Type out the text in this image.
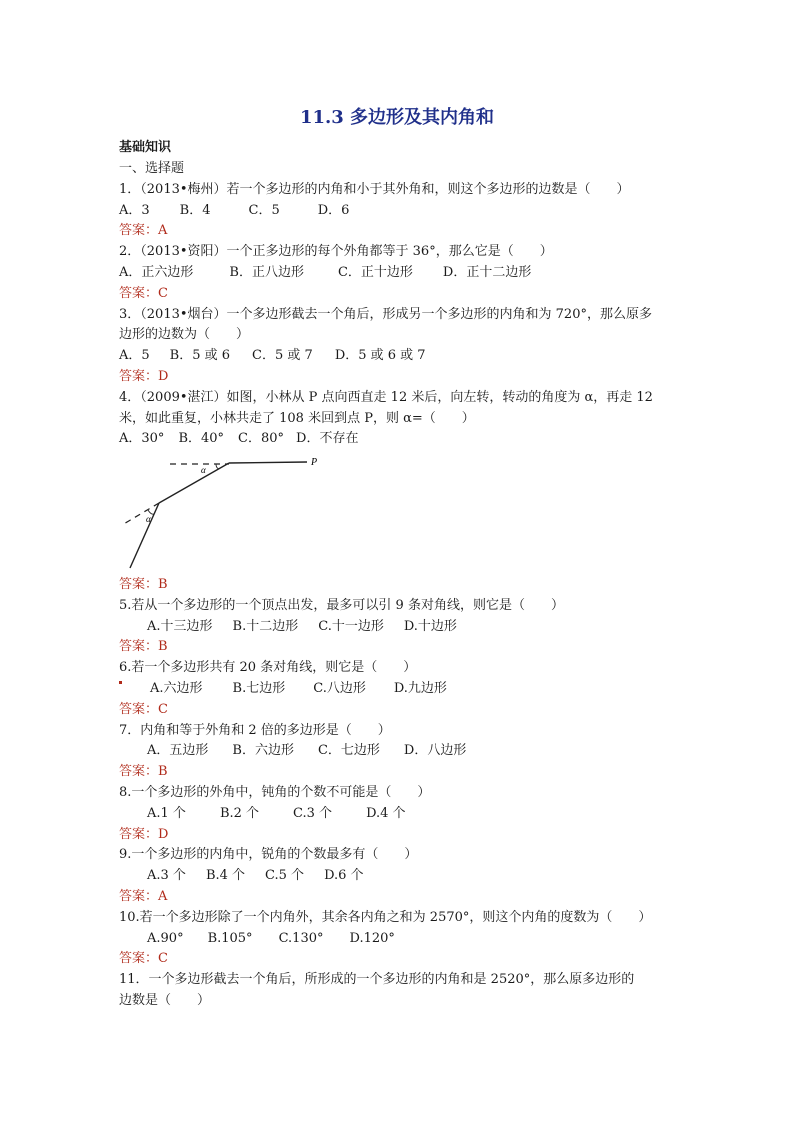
11.3 多边形及其内角和
基础知识
一、选择题
1．（2013•梅州）若一个多边形的内角和小于其外角和，则这个多边形的边数是（　　）
A．3 B．4	C．5	D．6
答案：A
2．（2013•资阳）一个正多边形的每个外角都等于 36°，那么它是（　　）
A．正六边形	B．正八边形	C．正十边形 D．正十二边形
答案：C
3．（2013•烟台）一个多边形截去一个角后，形成另一个多边形的内角和为 720°，那么原多
边形的边数为（　　）
A．5 B．5 或 6 C．5 或 7 D．5 或 6 或 7
答案：D
4．（2009•湛江）如图，小林从 P 点向西直走 12 米后，向左转，转动的角度为 α，再走 12
米，如此重复，小林共走了 108 米回到点 P，则 α=（　　）
A．30° B．40° C．80° D．不存在
P
α
α
答案：B
5.若从一个多边形的一个顶点出发，最多可以引 9 条对角线，则它是（　　）
A.十三边形 B.十二边形 C.十一边形 D.十边形
答案：B
6.若一个多边形共有 20 条对角线，则它是（　　）
A.六边形 B.七边形 C.八边形 D.九边形
答案：C
7．内角和等于外角和 2 倍的多边形是（　　）
A．五边形 B．六边形 C．七边形 D．八边形
答案：B
8.一个多边形的外角中，钝角的个数不可能是（　　）
A.1 个	B.2 个	C.3 个	D.4 个
答案：D
9.一个多边形的内角中，锐角的个数最多有（　　）
A.3 个 B.4 个 C.5 个 D.6 个
答案：A
10.若一个多边形除了一个内角外，其余各内角之和为 2570°，则这个内角的度数为（　　）
A.90° B.105° C.130° D.120°
答案：C
11．一个多边形截去一个角后，所形成的一个多边形的内角和是 2520°，那么原多边形的
边数是（　　）
